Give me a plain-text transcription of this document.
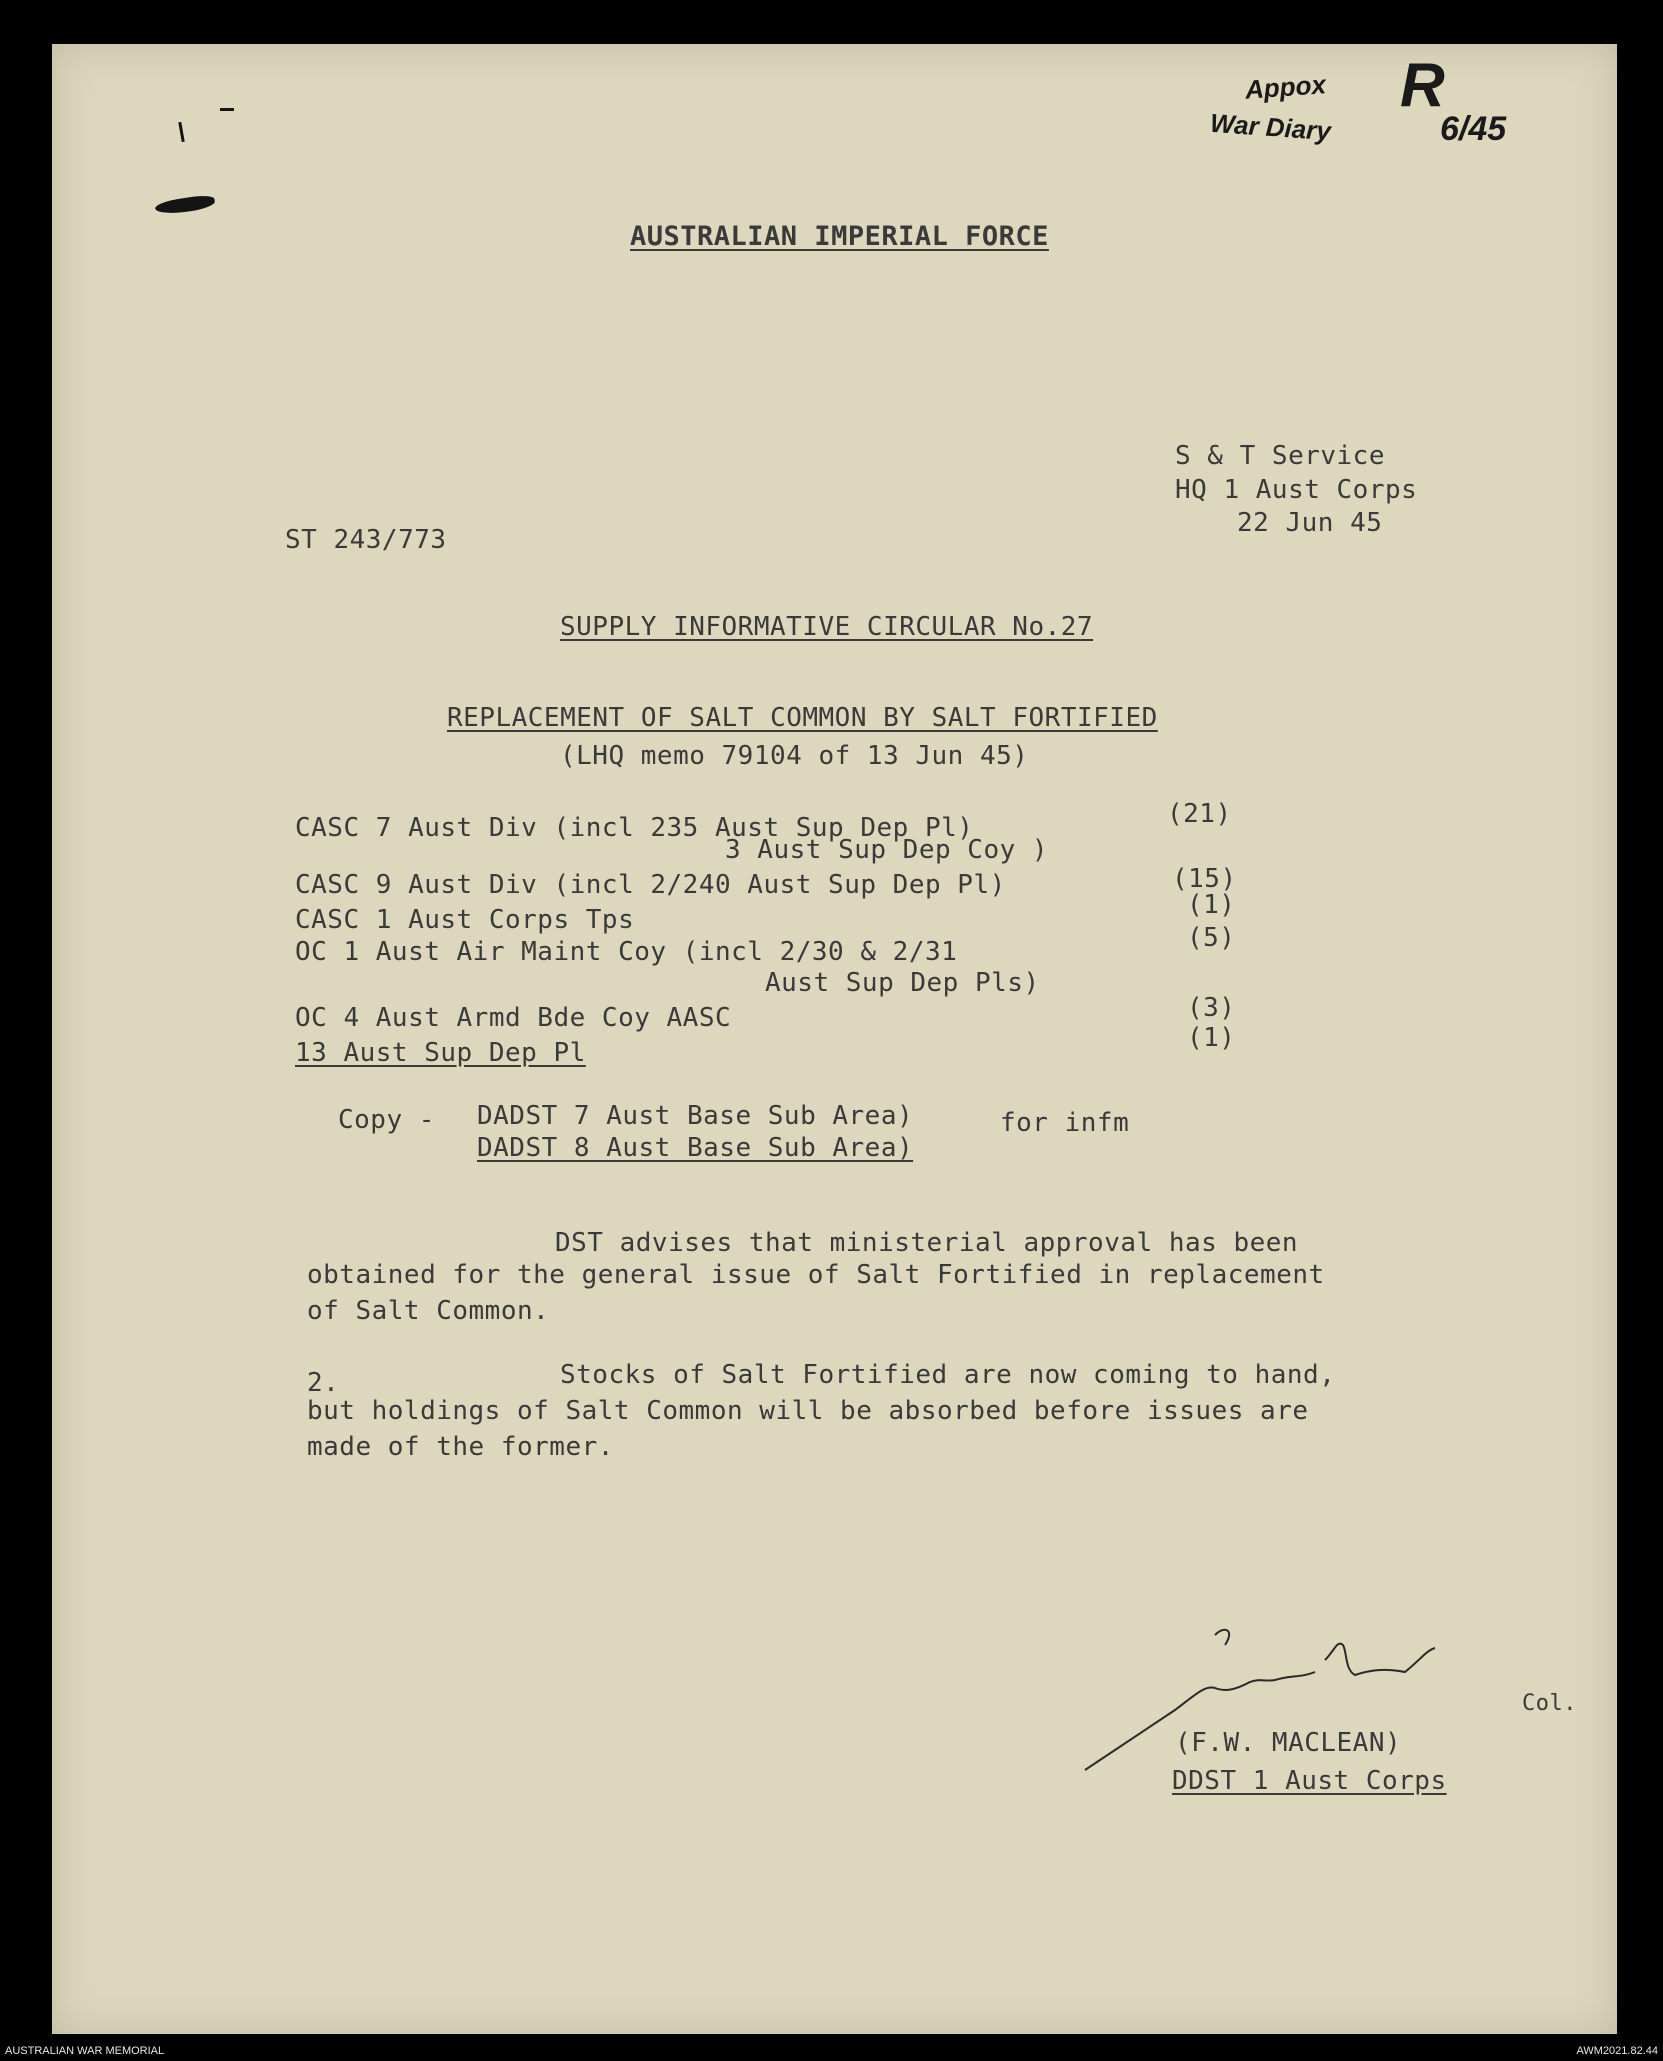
Appox R
War Diary	6/45
AUSTRALIAN IMPERIAL FORCE
S & T Service
HQ 1 Aust Corps
22 Jun 45
ST 243/773
SUPPLY INFORMATIVE CIRCULAR No.27
REPLACEMENT OF SALT COMMON BY SALT FORTIFIED
(LHQ memo 79104 of 13 Jun 45)
CASC 7 Aust Div (incl 235 Aust Sup Dep Pl)	(21)
3 Aust Sup Dep Coy )
CASC 9 Aust Div (incl 2/240 Aust Sup Dep Pl)	(15)
CASC 1 Aust Corps Tps	(1)
OC 1 Aust Air Maint Coy (incl 2/30 & 2/31	(5)
Aust Sup Dep Pls)
OC 4 Aust Armd Bde Coy AASC	(3)
13 Aust Sup Dep Pl	(1)
Copy - DADST 7 Aust Base Sub Area)
DADST 8 Aust Base Sub Area)
for infm
DST advises that ministerial approval has been
obtained for the general issue of Salt Fortified in replacement
of Salt Common.
2.	Stocks of Salt Fortified are now coming to hand,
but holdings of Salt Common will be absorbed before issues are
made of the former.
Col.
(F.W. MACLEAN)
DDST 1 Aust Corps
AUSTRALIAN WAR MEMORIAL	AWM2021.82.44
